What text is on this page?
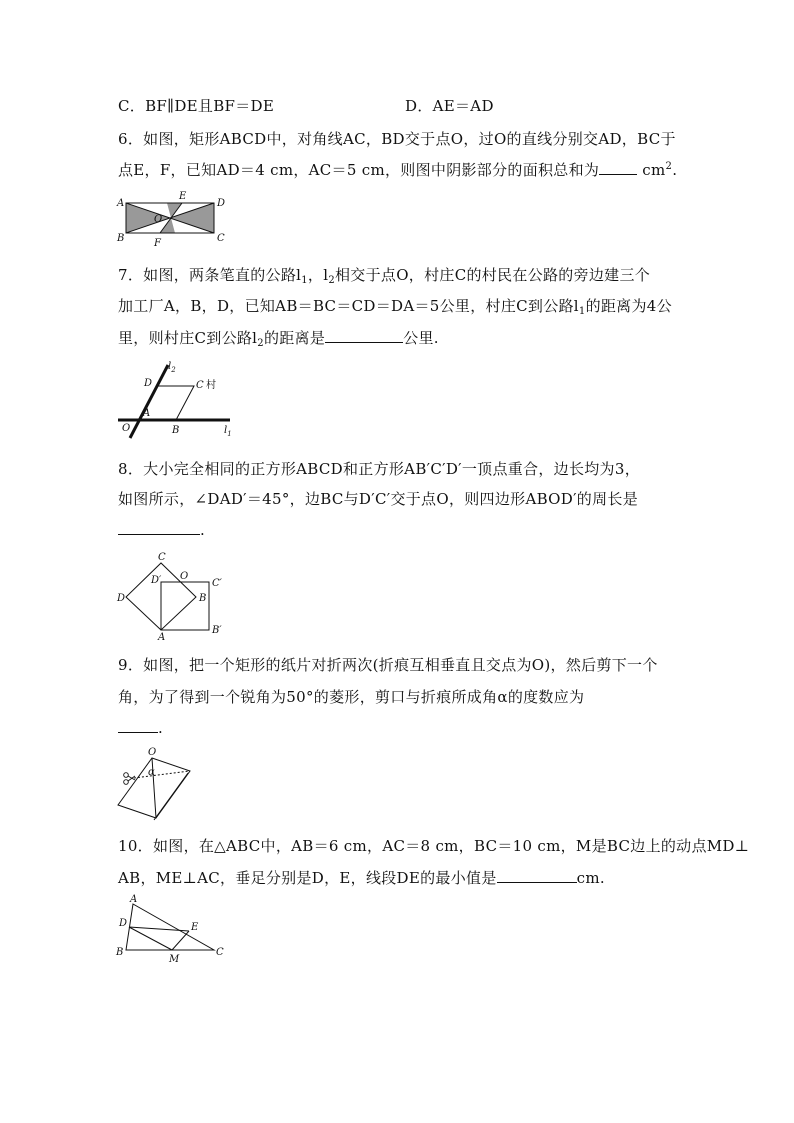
C．BF∥DE且BF＝DE	D．AE＝AD
6．如图，矩形ABCD中，对角线AC，BD交于点O，过O的直线分别交AD，BC于
点E，F，已知AD＝4 cm，AC＝5 cm，则图中阴影部分的面积总和为	$cm^2$.
A
E
D
O
B	F	C
7．如图，两条笔直的公路$l_1$，$l_2$相交于点O，村庄C的村民在公路的旁边建三个
加工厂A，B，D，已知AB＝BC＝CD＝DA＝5公里，村庄C到公路$l_1$的距离为4公
里，则村庄C到公路$l_2$的距离是	公里.
$l_2$
D	C 村
A
O	B	$l_1$
8．大小完全相同的正方形ABCD和正方形AB′C′D′一顶点重合，边长均为3，
如图所示，∠DAD′＝45°，边BC与D′C′交于点O，则四边形ABOD′的周长是
.
C
D′ O
C′
D	B
A
B′
9．如图，把一个矩形的纸片对折两次(折痕互相垂直且交点为O)，然后剪下一个
角，为了得到一个锐角为50°的菱形，剪口与折痕所成角α的度数应为
.
O
α
10．如图，在△ABC中，AB＝6 cm，AC＝8 cm，BC＝10 cm，M是BC边上的动点MD⊥
AB，ME⊥AC，垂足分别是D，E，线段DE的最小值是	cm.
A
D	E
B
M
C
